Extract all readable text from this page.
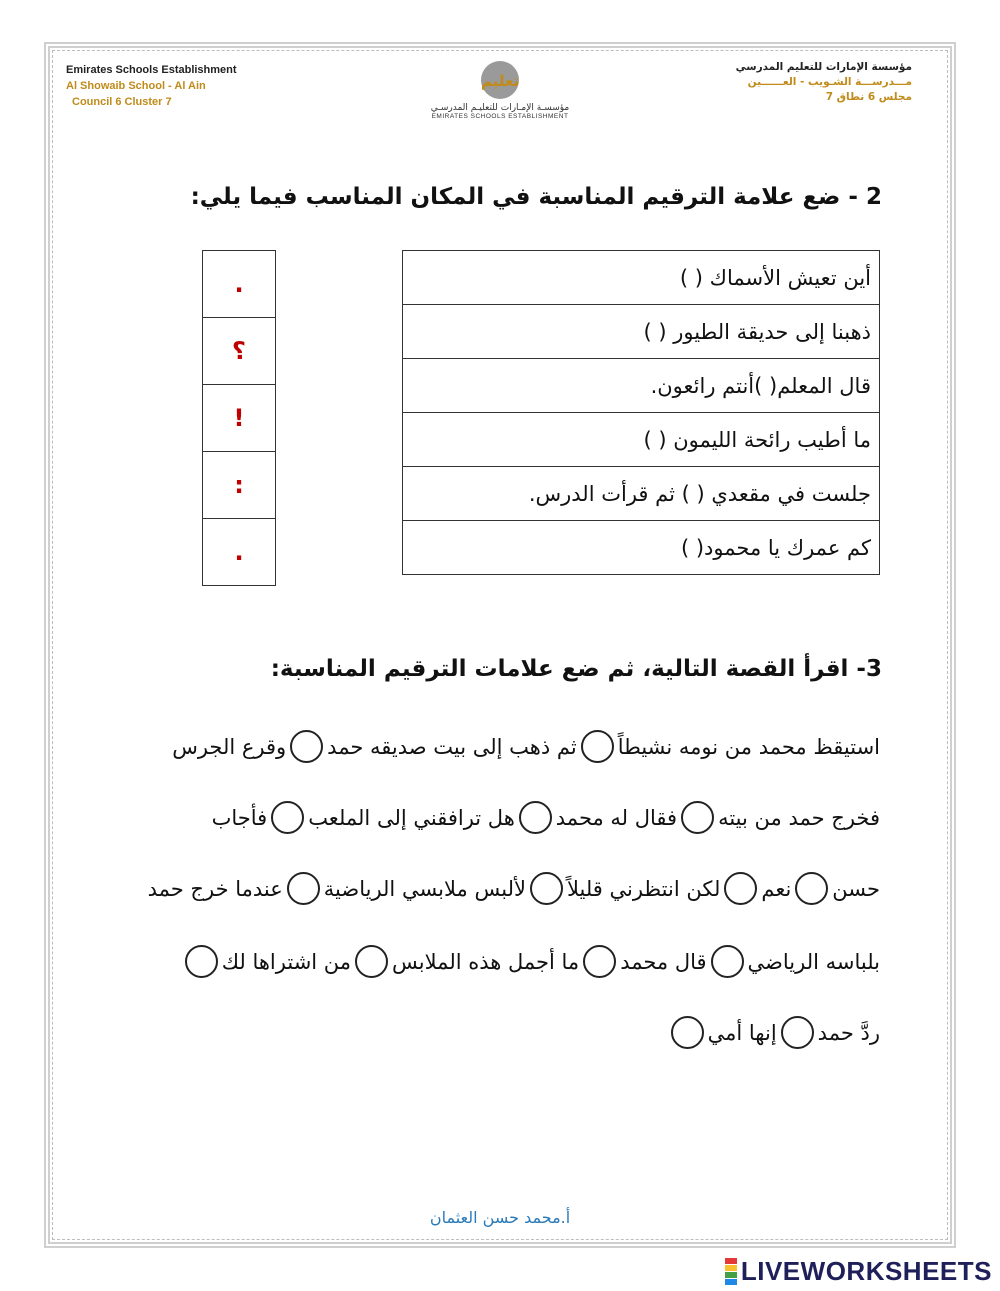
Emirates Schools Establishment
Al Showaib School - Al Ain
Council 6 Cluster 7
تعليم
مؤسسـة الإمـارات للتعليـم المدرسـي
EMIRATES SCHOOLS ESTABLISHMENT
مؤسسة الإمارات للتعليم المدرسي
مـــدرســـة الشـويب - العــــــين
مجلس 6 نطاق 7
2 - ضع علامة الترقيم المناسبة في المكان المناسب فيما يلي:
أين تعيش الأسماك ( )
ذهبنا إلى حديقة الطيور ( )
قال المعلم( )أنتم رائعون.
ما أطيب رائحة الليمون ( )
جلست في مقعدي ( ) ثم قرأت الدرس.
كم عمرك يا محمود( )
.
؟
!
:
.
3- اقرأ القصة التالية، ثم ضع علامات الترقيم المناسبة:
استيقظ محمد من نومه نشيطاً
ثم ذهب إلى بيت صديقه حمد
وقرع الجرس
فخرج حمد من بيته
فقال له محمد
هل ترافقني إلى الملعب
فأجاب
حسن
نعم
لكن انتظرني قليلاً
لألبس ملابسي الرياضية
عندما خرج حمد
بلباسه الرياضي
قال محمد
ما أجمل هذه الملابس
من اشتراها لك
ردَّ حمد
إنها أمي
أ.محمد حسن العثمان
LIVEWORKSHEETS
